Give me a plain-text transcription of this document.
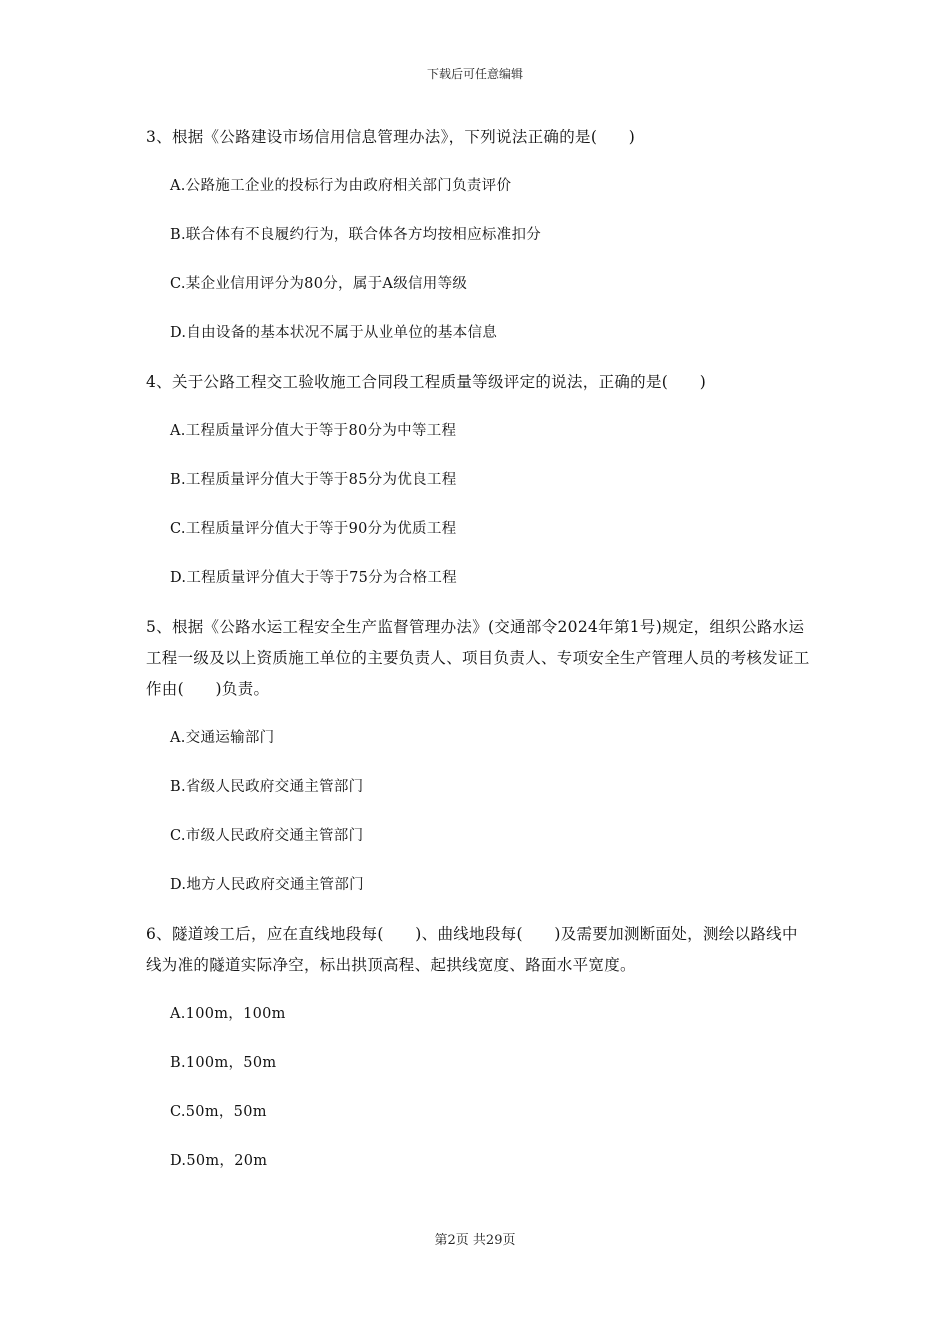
下载后可任意编辑

3、根据《公路建设市场信用信息管理办法》，下列说法正确的是(　　)

A.公路施工企业的投标行为由政府相关部门负责评价

B.联合体有不良履约行为，联合体各方均按相应标准扣分

C.某企业信用评分为80分，属于A级信用等级

D.自由设备的基本状况不属于从业单位的基本信息

4、关于公路工程交工验收施工合同段工程质量等级评定的说法，正确的是(　　)

A.工程质量评分值大于等于80分为中等工程

B.工程质量评分值大于等于85分为优良工程

C.工程质量评分值大于等于90分为优质工程

D.工程质量评分值大于等于75分为合格工程

5、根据《公路水运工程安全生产监督管理办法》(交通部令2024年第1号)规定，组织公路水运工程一级及以上资质施工单位的主要负责人、项目负责人、专项安全生产管理人员的考核发证工作由(　　)负责。

A.交通运输部门

B.省级人民政府交通主管部门

C.市级人民政府交通主管部门

D.地方人民政府交通主管部门

6、隧道竣工后，应在直线地段每(　　)、曲线地段每(　　)及需要加测断面处，测绘以路线中线为准的隧道实际净空，标出拱顶高程、起拱线宽度、路面水平宽度。

A.100m，100m

B.100m，50m

C.50m，50m

D.50m，20m

第2页 共29页
